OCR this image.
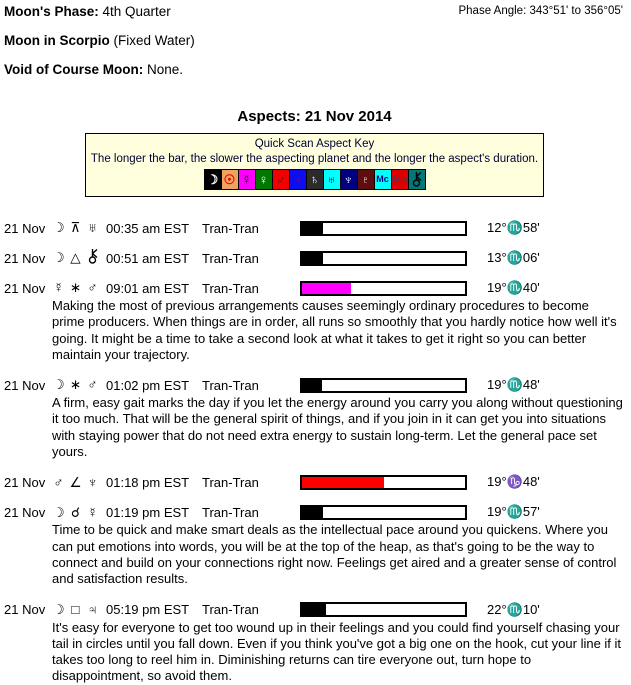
Moon's Phase: 4th Quarter	Phase Angle: 343°51' to 356°05'
Moon in Scorpio (Fixed Water)
Void of Course Moon: None.
Aspects: 21 Nov 2014
Quick Scan Aspect Key
The longer the bar, the slower the aspecting planet and the longer the aspect's duration.
☽ ☉ ☿ ♀ ♂ ♃ ♄ ♅ ♆ ♇ Mc Asc
21 Nov ☽ ⊼ ♅ 00:35 am EST Tran-Tran	12°♏58'
21 Nov ☽ △ 00:51 am EST Tran-Tran	13°♏06'
21 Nov ☿ ∗ ♂ 09:01 am EST Tran-Tran	19°♏40'
Making the most of previous arrangements causes seemingly ordinary procedures to become prime producers. When things are in order, all runs so smoothly that you hardly notice how well it's going. It might be a time to take a second look at what it takes to get it right so you can better maintain your trajectory.
21 Nov ☽ ∗ ♂ 01:02 pm EST Tran-Tran	19°♏48'
A firm, easy gait marks the day if you let the energy around you carry you along without questioning it too much. That will be the general spirit of things, and if you join in it can get you into situations with staying power that do not need extra energy to sustain long-term. Let the general pace set yours.
21 Nov ♂ ∠ ♆ 01:18 pm EST Tran-Tran	19°♑48'
21 Nov ☽ ☌ ☿ 01:19 pm EST Tran-Tran	19°♏57'
Time to be quick and make smart deals as the intellectual pace around you quickens. Where you can put emotions into words, you will be at the top of the heap, as that's going to be the way to connect and build on your connections right now. Feelings get aired and a greater sense of control and satisfaction results.
21 Nov ☽ □ ♃ 05:19 pm EST Tran-Tran	22°♏10'
It's easy for everyone to get too wound up in their feelings and you could find yourself chasing your tail in circles until you fall down. Even if you think you've got a big one on the hook, cut your line if it takes too long to reel him in. Diminishing returns can tire everyone out, turn hope to disappointment, so avoid them.
